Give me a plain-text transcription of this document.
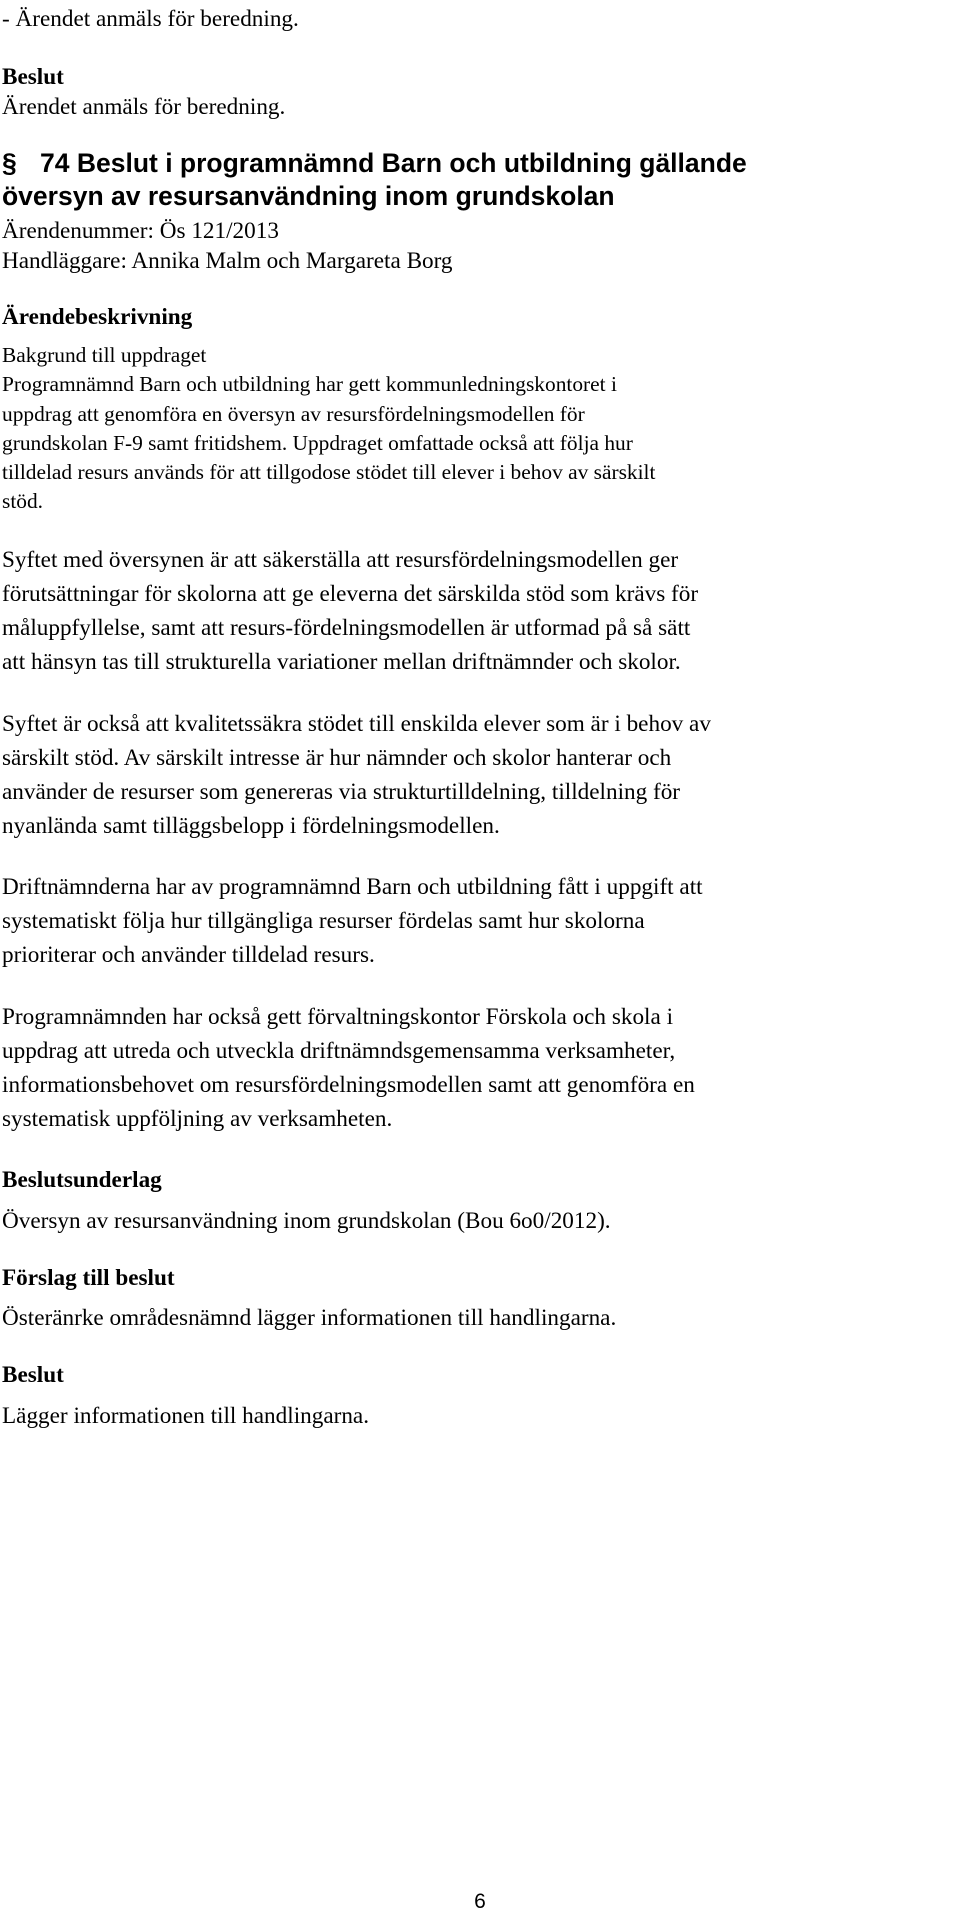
- Ärendet anmäls för beredning.
Beslut
Ärendet anmäls för beredning.
§ 74 Beslut i programnämnd Barn och utbildning gällande
översyn av resursanvändning inom grundskolan
Ärendenummer: Ös 121/2013
Handläggare: Annika Malm och Margareta Borg
Ärendebeskrivning
Bakgrund till uppdraget
Programnämnd Barn och utbildning har gett kommunledningskontoret i
uppdrag att genomföra en översyn av resursfördelningsmodellen för
grundskolan F-9 samt fritidshem. Uppdraget omfattade också att följa hur
tilldelad resurs används för att tillgodose stödet till elever i behov av särskilt
stöd.
Syftet med översynen är att säkerställa att resursfördelningsmodellen ger
förutsättningar för skolorna att ge eleverna det särskilda stöd som krävs för
måluppfyllelse, samt att resurs-fördelningsmodellen är utformad på så sätt
att hänsyn tas till strukturella variationer mellan driftnämnder och skolor.
Syftet är också att kvalitetssäkra stödet till enskilda elever som är i behov av
särskilt stöd. Av särskilt intresse är hur nämnder och skolor hanterar och
använder de resurser som genereras via strukturtilldelning, tilldelning för
nyanlända samt tilläggsbelopp i fördelningsmodellen.
Driftnämnderna har av programnämnd Barn och utbildning fått i uppgift att
systematiskt följa hur tillgängliga resurser fördelas samt hur skolorna
prioriterar och använder tilldelad resurs.
Programnämnden har också gett förvaltningskontor Förskola och skola i
uppdrag att utreda och utveckla driftnämndsgemensamma verksamheter,
informationsbehovet om resursfördelningsmodellen samt att genomföra en
systematisk uppföljning av verksamheten.
Beslutsunderlag
Översyn av resursanvändning inom grundskolan (Bou 6o0/2012).
Förslag till beslut
Österänrke områdesnämnd lägger informationen till handlingarna.
Beslut
Lägger informationen till handlingarna.
6
